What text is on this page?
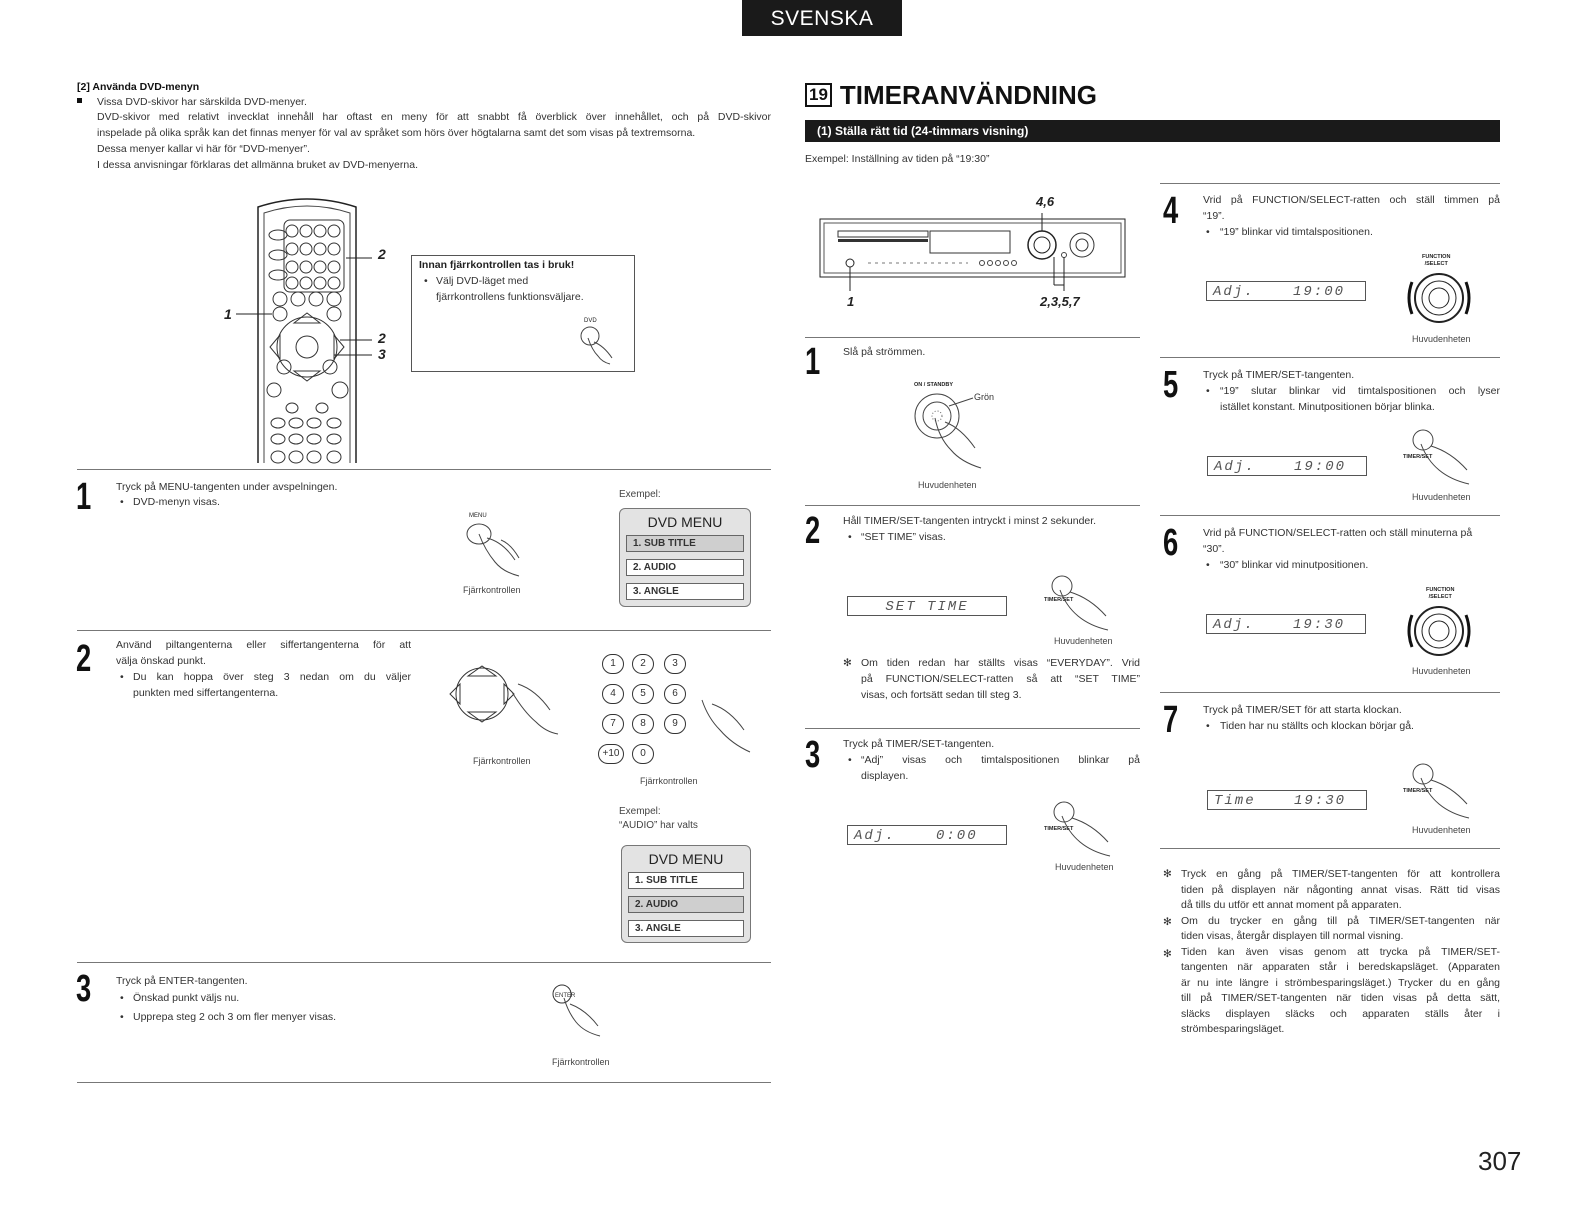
SVENSKA
[2] Använda DVD-menyn
Vissa DVD-skivor har särskilda DVD-menyer.
DVD-skivor med relativt invecklat innehåll har oftast en meny för att snabbt få överblick över innehållet, och på DVD-skivor
inspelade på olika språk kan det finnas menyer för val av språket som hörs över högtalarna samt det som visas på textremsorna.
Dessa menyer kallar vi här för “DVD-menyer”.
I dessa anvisningar förklaras det allmänna bruket av DVD-menyerna.
2
2
3
1
Innan fjärrkontrollen tas i bruk!
• Välj DVD-läget med
fjärrkontrollens funktionsväljare.
DVD
1 Tryck på MENU-tangenten under avspelningen.
• DVD-menyn visas.
MENU
Fjärrkontrollen
Exempel:
DVD MENU
1. SUB TITLE
2. AUDIO
3. ANGLE
2 Använd piltangenterna eller siffertangenterna för att
välja önskad punkt.
• Du kan hoppa över steg 3 nedan om du väljer
punkten med siffertangenterna.
Fjärrkontrollen
1	2	3
4	5	6
7	8	9
+10	0
Fjärrkontrollen
Exempel:
“AUDIO” har valts
DVD MENU
1. SUB TITLE
2. AUDIO
3. ANGLE
3 Tryck på ENTER-tangenten.
• Önskad punkt väljs nu.
• Upprepa steg 2 och 3 om fler menyer visas.
ENTER
Fjärrkontrollen
19 TIMERANVÄNDNING
(1) Ställa rätt tid (24-timmars visning)
Exempel: Inställning av tiden på “19:30”
4,6
1	2,3,5,7
1 Slå på strömmen.
ON / STANDBY
Grön
Huvudenheten
2 Håll TIMER/SET-tangenten intryckt i minst 2 sekunder.
• “SET TIME” visas.
SET TIME	TIMER/SET
Huvudenheten
✻ Om tiden redan har ställts visas “EVERYDAY”. Vrid
på FUNCTION/SELECT-ratten så att “SET TIME”
visas, och fortsätt sedan till steg 3.
3 Tryck på TIMER/SET-tangenten.
• “Adj” visas och timtalspositionen blinkar på
displayen.
Adj.	0:00	TIMER/SET
Huvudenheten
4 Vrid på FUNCTION/SELECT-ratten och ställ timmen på
“19”.
• “19” blinkar vid timtalspositionen.
Adj.	19:00
FUNCTION
/SELECT
Huvudenheten
5 Tryck på TIMER/SET-tangenten.
• “19” slutar blinkar vid timtalspositionen och lyser
istället konstant. Minutpositionen börjar blinka.
Adj.	19:00
TIMER/SET
Huvudenheten
6 Vrid på FUNCTION/SELECT-ratten och ställ minuterna på
“30”.
• “30” blinkar vid minutpositionen.
Adj.	19:30
FUNCTION
/SELECT
Huvudenheten
7 Tryck på TIMER/SET för att starta klockan.
• Tiden har nu ställts och klockan börjar gå.
Time	19:30
TIMER/SET
Huvudenheten
✻
✻
✻
Tryck en gång på TIMER/SET-tangenten för att kontrollera
tiden på displayen när någonting annat visas. Rätt tid visas
då tills du utför ett annat moment på apparaten.
Om du trycker en gång till på TIMER/SET-tangenten när
tiden visas, återgår displayen till normal visning.
Tiden kan även visas genom att trycka på TIMER/SET-
tangenten när apparaten står i beredskapsläget. (Apparaten
är nu inte längre i strömbesparingsläget.) Trycker du en gång
till på TIMER/SET-tangenten när tiden visas på detta sätt,
släcks displayen släcks och apparaten ställs åter i
strömbesparingsläget.
307
